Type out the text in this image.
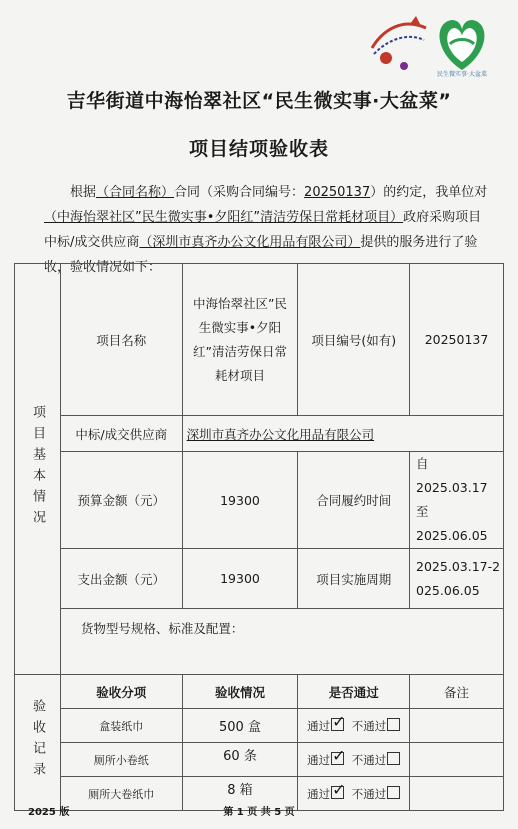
民生微实事·大盆菜
吉华街道中海怡翠社区“民生微实事·大盆菜”
项目结项验收表
根据（合同名称）合同（采购合同编号：20250137）的约定，我单位对（中海怡翠社区”民生微实事•夕阳红”清洁劳保日常耗材项目）政府采购项目中标/成交供应商（深圳市真齐办公文化用品有限公司）提供的服务进行了验收，验收情况如下：
项目基本情况	项目名称	中海怡翠社区”民生微实事•夕阳红”清洁劳保日常耗材项目	项目编号(如有)	20250137
	中标/成交供应商	深圳市真齐办公文化用品有限公司		
	预算金额（元）	19300	合同履约时间	自 2025.03.17 至 2025.06.05
	支出金额（元）	19300	项目实施周期	2025.03.17-2025.06.05
	货物型号规格、标准及配置：			
验收记录	验收分项	验收情况	是否通过	备注
	盒装纸巾	500 盒	通过 ✓ 不通过	
	厕所小卷纸	60 条	通过 ✓ 不通过	
	厕所大卷纸巾	8 箱	通过 ✓ 不通过	
2025 版	第 1 页 共 5 页
